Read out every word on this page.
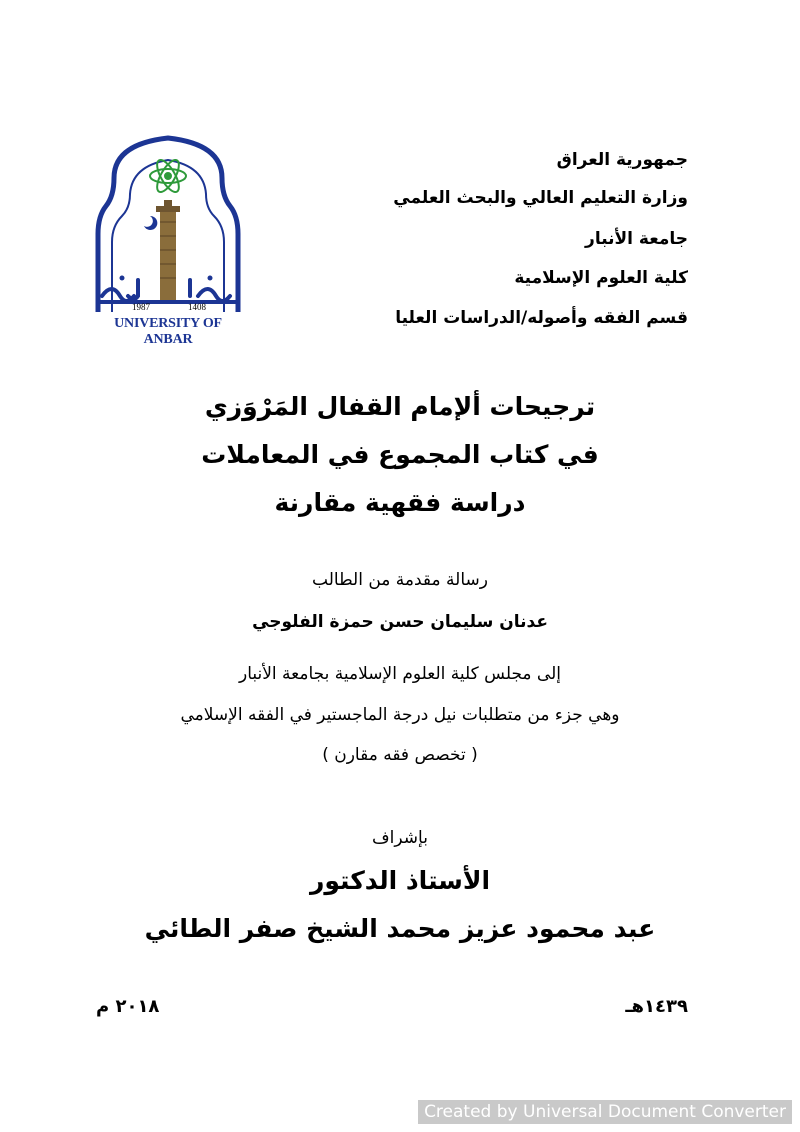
جمهورية العراق
وزارة التعليم العالي والبحث العلمي
جامعة الأنبار
كلية العلوم الإسلامية
قسم الفقه وأصوله/الدراسات العليا
1987	1408
UNIVERSITY OF ANBAR
ترجيحات ألإمام القفال المَرْوَزي
في كتاب المجموع في المعاملات
دراسة فقهية مقارنة
رسالة مقدمة من الطالب
عدنان سليمان حسن حمزة الفلوجي
إلى مجلس كلية العلوم الإسلامية بجامعة الأنبار
وهي جزء من متطلبات نيل درجة الماجستير في الفقه الإسلامي
( تخصص فقه مقارن )
بإشراف
الأستاذ الدكتور
عبد محمود عزيز محمد الشيخ صفر الطائي
١٤٣٩هـ
٢٠١٨ م
Created by Universal Document Converter
